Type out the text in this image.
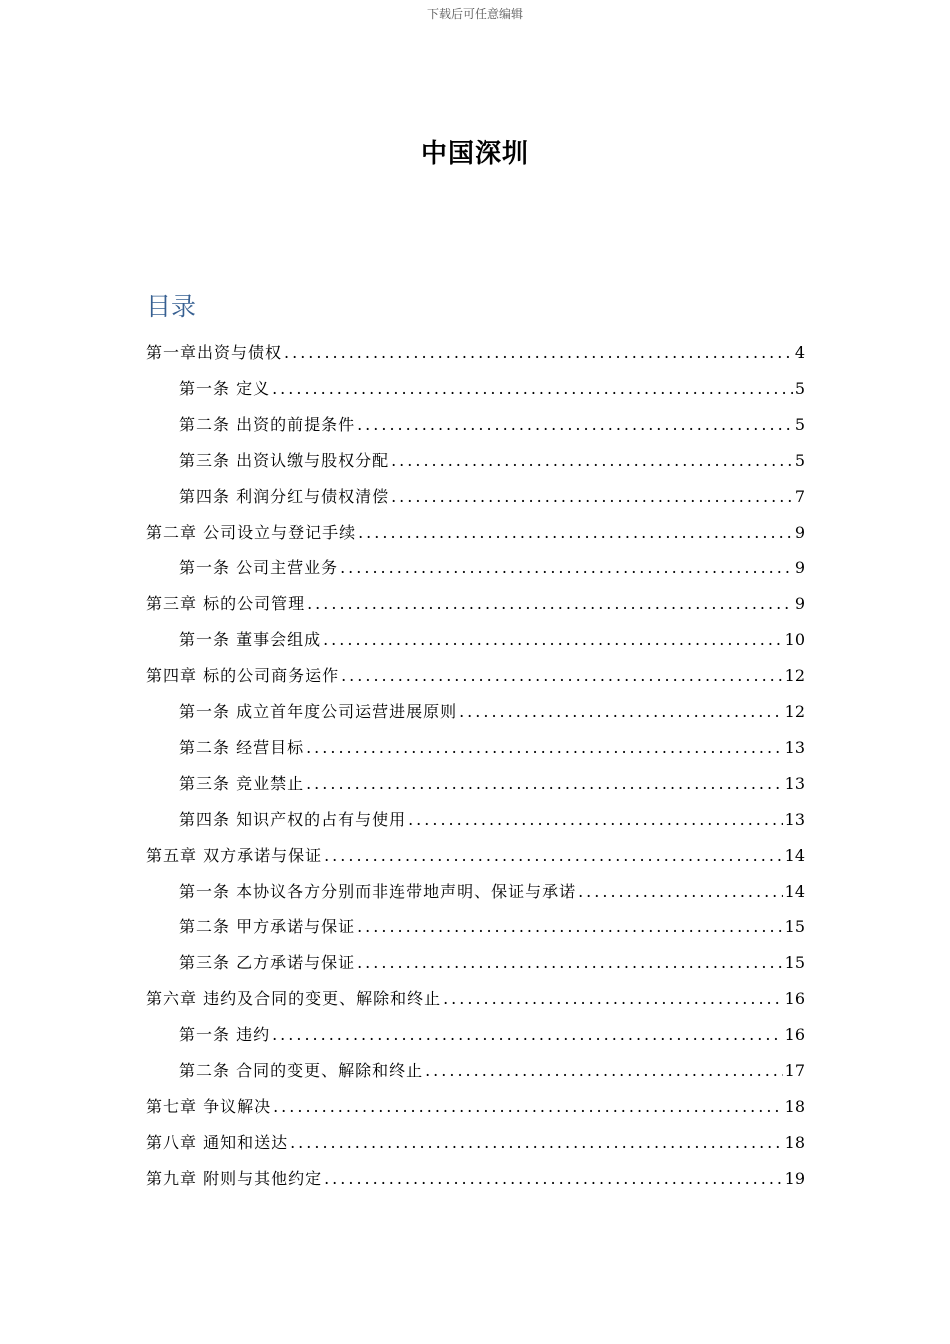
下载后可任意编辑
中国深圳
目录
第一章出资与债权 .....	4
第一条 定义 .....	5
第二条 出资的前提条件 .....	5
第三条 出资认缴与股权分配 .....	5
第四条 利润分红与债权清偿 .....	7
第二章 公司设立与登记手续 .....	9
第一条 公司主营业务 .....	9
第三章 标的公司管理 .....	9
第一条 董事会组成 .....	10
第四章 标的公司商务运作 .....	12
第一条 成立首年度公司运营进展原则 .....	12
第二条 经营目标 .....	13
第三条 竞业禁止 .....	13
第四条 知识产权的占有与使用 .....	13
第五章 双方承诺与保证 .....	14
第一条 本协议各方分别而非连带地声明、保证与承诺 .....	14
第二条 甲方承诺与保证 .....	15
第三条 乙方承诺与保证 .....	15
第六章 违约及合同的变更、解除和终止 .....	16
第一条 违约 .....	16
第二条 合同的变更、解除和终止 .....	17
第七章 争议解决 .....	18
第八章 通知和送达 .....	18
第九章 附则与其他约定 .....	19
